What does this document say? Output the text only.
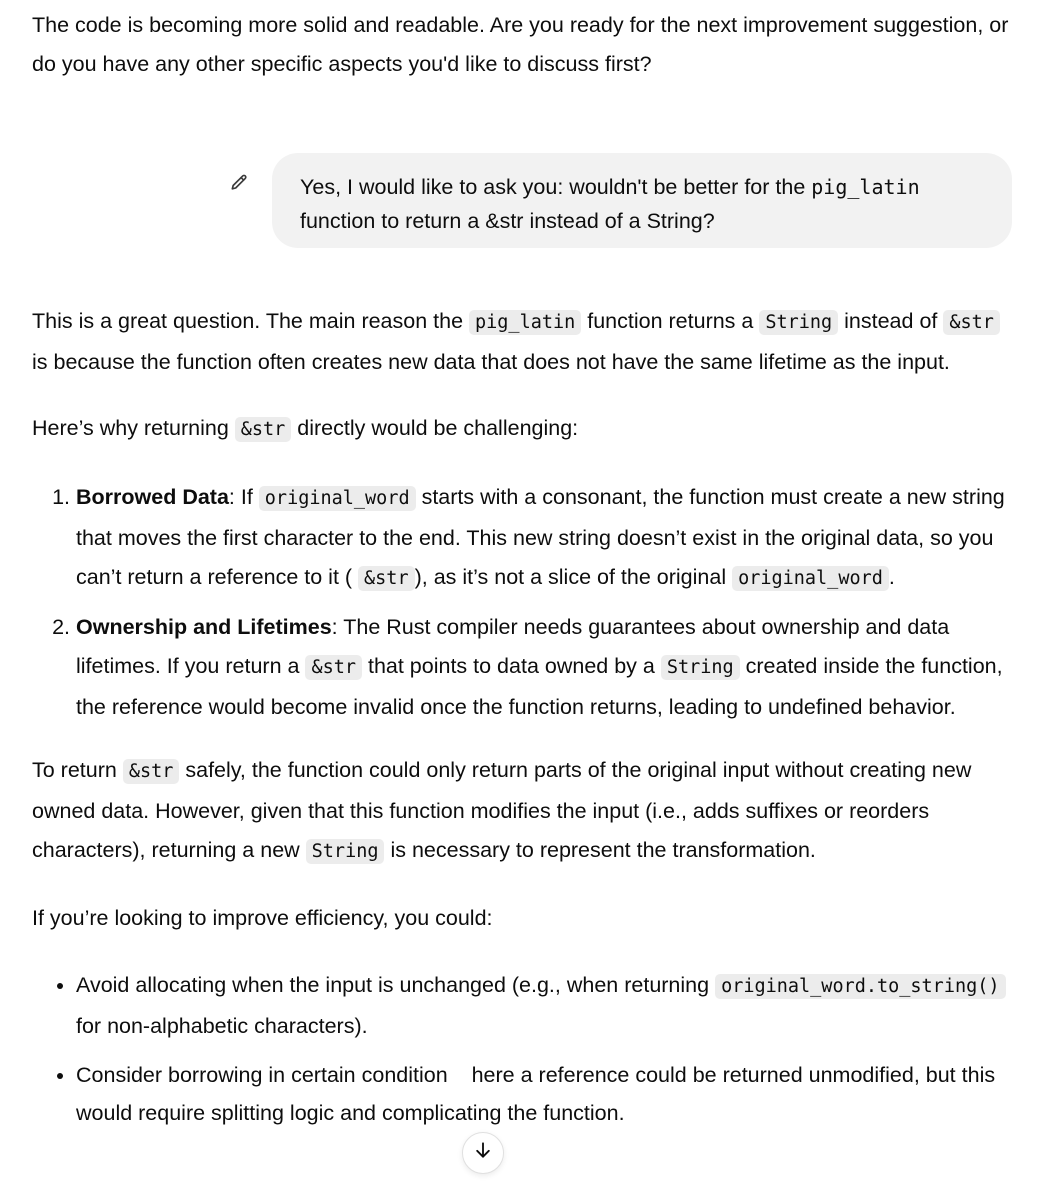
The code is becoming more solid and readable. Are you ready for the next improvement suggestion, or do you have any other specific aspects you'd like to discuss first?
Yes, I would like to ask you: wouldn't be better for the pig_latin function to return a &str instead of a String?

This is a great question. The main reason the pig_latin function returns a String instead of &str is because the function often creates new data that does not have the same lifetime as the input.

Here’s why returning &str directly would be challenging:

1. Borrowed Data: If original_word starts with a consonant, the function must create a new string that moves the first character to the end. This new string doesn’t exist in the original data, so you can’t return a reference to it ( &str ), as it’s not a slice of the original original_word .
2. Ownership and Lifetimes: The Rust compiler needs guarantees about ownership and data lifetimes. If you return a &str that points to data owned by a String created inside the function, the reference would become invalid once the function returns, leading to undefined behavior.

To return &str safely, the function could only return parts of the original input without creating new owned data. However, given that this function modifies the input (i.e., adds suffixes or reorders characters), returning a new String is necessary to represent the transformation.

If you’re looking to improve efficiency, you could:

• Avoid allocating when the input is unchanged (e.g., when returning original_word.to_string() for non-alphabetic characters).
• Consider borrowing in certain condition here a reference could be returned unmodified, but this would require splitting logic and complicating the function.
